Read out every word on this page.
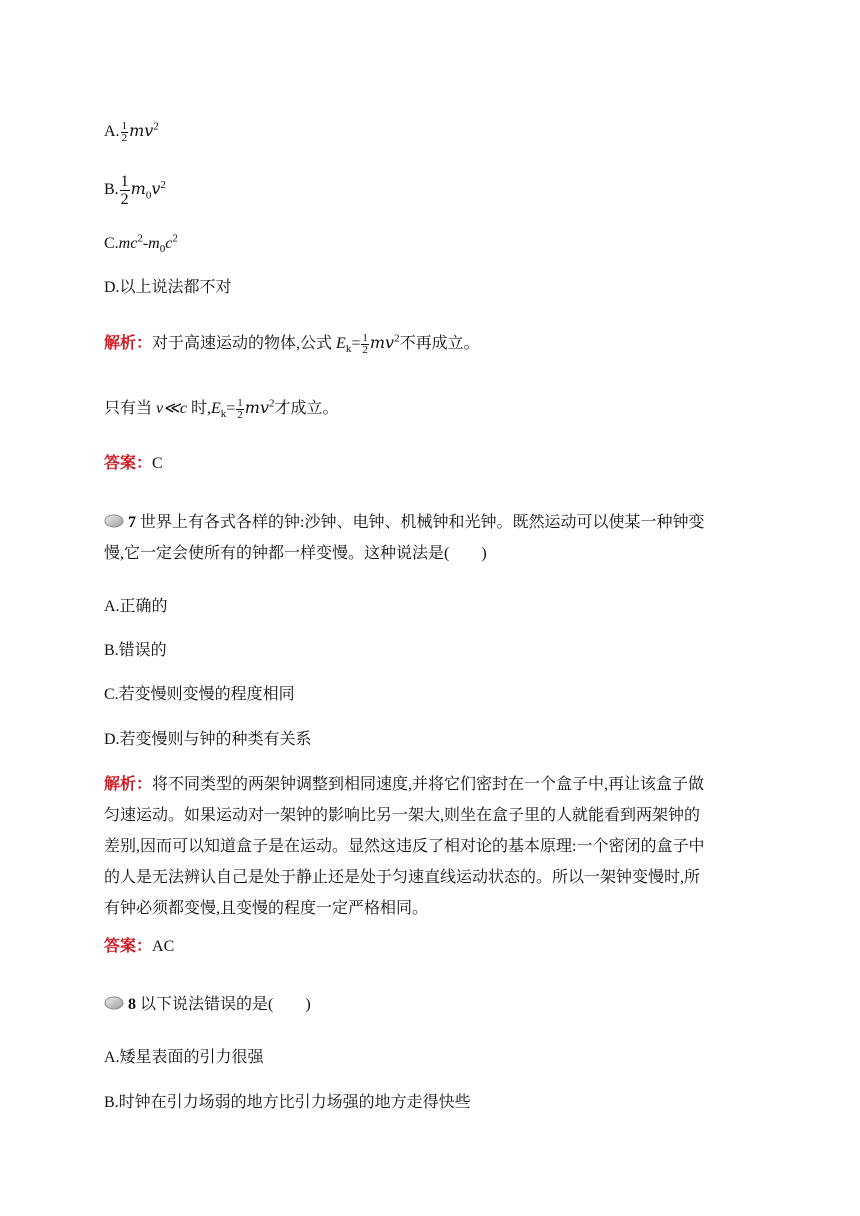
A. $\frac{1}{2} mv^2$
B. $\frac{1}{2} m_0v^2$
$C.mc^2-m_0c^2$
D.以上说法都不对
解析：对于高速运动的物体,公式 $E_k= \frac{1}{2} mv^2$不再成立。
只有当 v≪c 时$,E_k= \frac{1}{2} mv^2$才成立。
答案：C
7 世界上有各式各样的钟:沙钟、电钟、机械钟和光钟。既然运动可以使某一种钟变
慢,它一定会使所有的钟都一样变慢。这种说法是(　　)
A.正确的
B.错误的
C.若变慢则变慢的程度相同
D.若变慢则与钟的种类有关系
解析：将不同类型的两架钟调整到相同速度,并将它们密封在一个盒子中,再让该盒子做
匀速运动。如果运动对一架钟的影响比另一架大,则坐在盒子里的人就能看到两架钟的
差别,因而可以知道盒子是在运动。显然这违反了相对论的基本原理:一个密闭的盒子中
的人是无法辨认自己是处于静止还是处于匀速直线运动状态的。所以一架钟变慢时,所
有钟必须都变慢,且变慢的程度一定严格相同。
答案：AC
8 以下说法错误的是(　　)
A.矮星表面的引力很强
B.时钟在引力场弱的地方比引力场强的地方走得快些
